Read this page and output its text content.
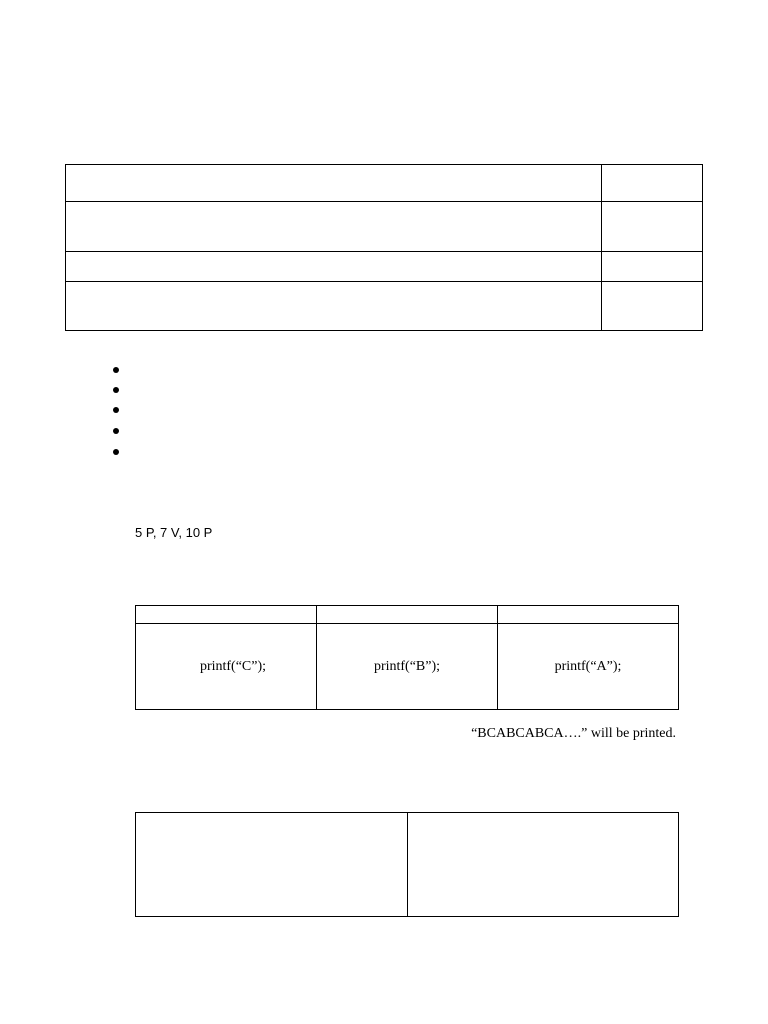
5 P, 7 V, 10 P
printf(“C”);	printf(“B”);	printf(“A”);
“BCABCABCA….” will be printed.
